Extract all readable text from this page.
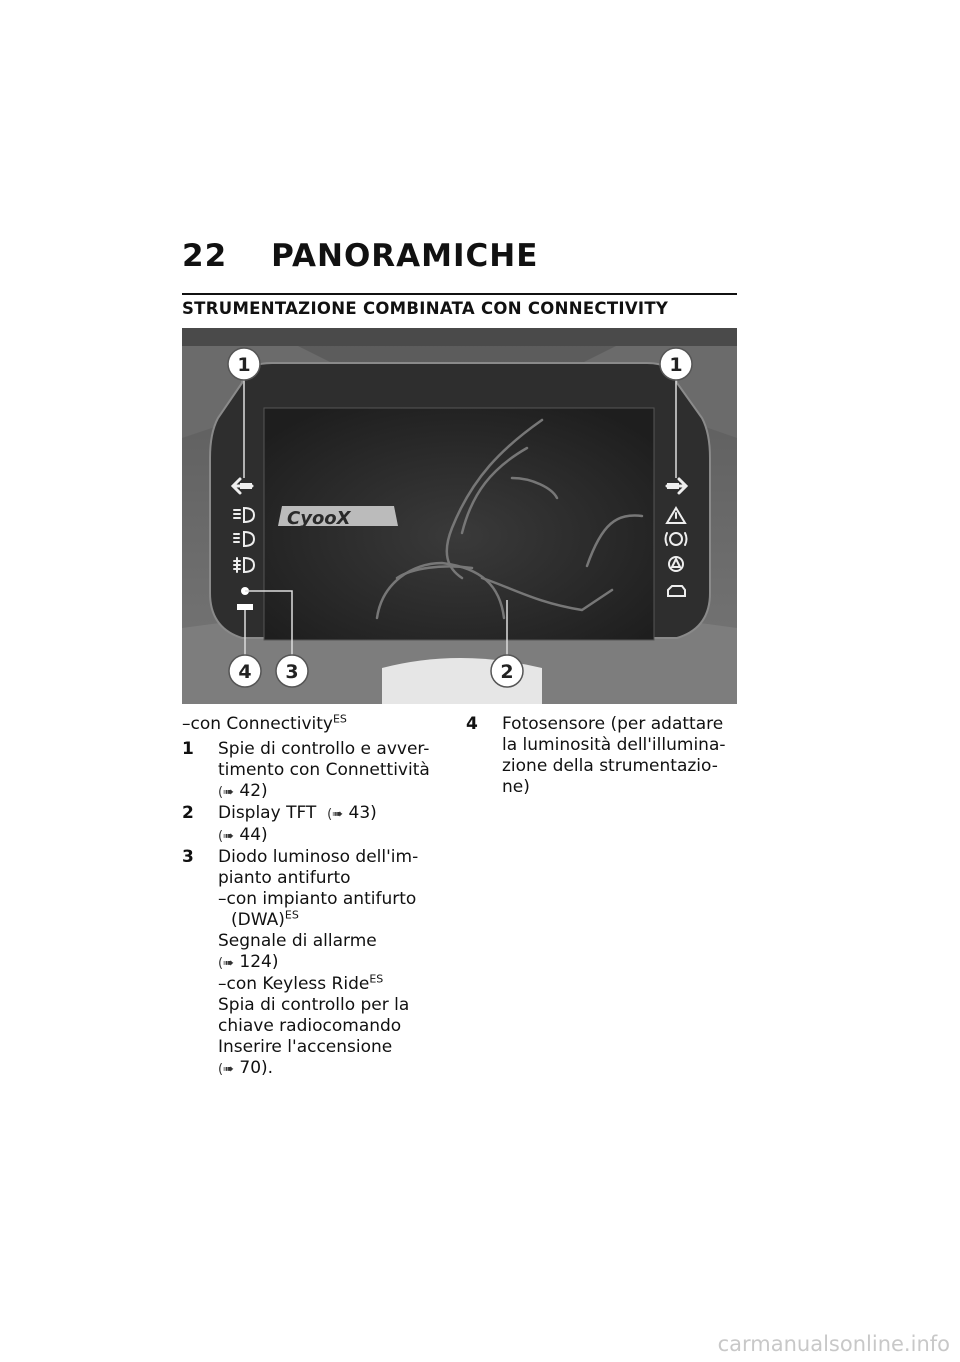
22 PANORAMICHE
STRUMENTAZIONE COMBINATA CON CONNECTIVITY
CyooX
1	1
2
3
4
–con Connectivity$^{ES}$
1 Spie di controllo e avver-
timento con Connettività
(➠ 42)
2 Display TFT (➠ 43)
(➠ 44)
3 Diodo luminoso dell'im-
pianto antifurto
–con impianto antifurto
(DWA)$^{ES}$
Segnale di allarme
(➠ 124)
–con Keyless Ride$^{ES}$
Spia di controllo per la
chiave radiocomando
Inserire l'accensione
(➠ 70).
4 Fotosensore (per adattare
la luminosità dell'illumina-
zione della strumentazio-
ne)
carmanualsonline.info
